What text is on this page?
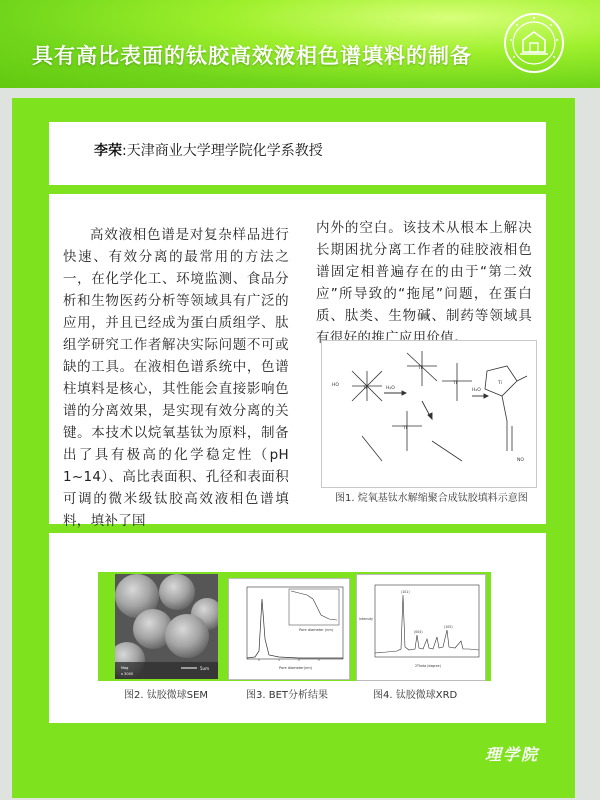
具有高比表面的钛胶高效液相色谱填料的制备
李荣:天津商业大学理学院化学系教授
高效液相色谱是对复杂样品进行快速、有效分离的最常用的方法之一，在化学化工、环境监测、食品分析和生物医药分析等领域具有广泛的应用，并且已经成为蛋白质组学、肽组学研究工作者解决实际问题不可或缺的工具。在液相色谱系统中，色谱柱填料是核心，其性能会直接影响色谱的分离效果，是实现有效分离的关键。本技术以烷氧基钛为原料，制备出了具有极高的化学稳定性（pH 1~14）、高比表面积、孔径和表面积可调的微米级钛胶高效液相色谱填料，填补了国
内外的空白。该技术从根本上解决长期困扰分离工作者的硅胶液相色谱固定相普遍存在的由于“第二效应”所导致的“拖尾”问题，在蛋白质、肽类、生物碱、制药等领域具有很好的推广应用价值。
Ti
Ti
Ti
Ti
Ti
HO
NO
H₂O	H₂O
图1. 烷氧基钛水解缩聚合成钛胶填料示意图
5um
Mag
x 3000
Pore diameter(nm)
Pore diameter (nm)
2Theta (degree)
(101)
(004)
(105)
Intensity
图2. 钛胶微球SEM	图3. BET分析结果	图4. 钛胶微球XRD
理学院
